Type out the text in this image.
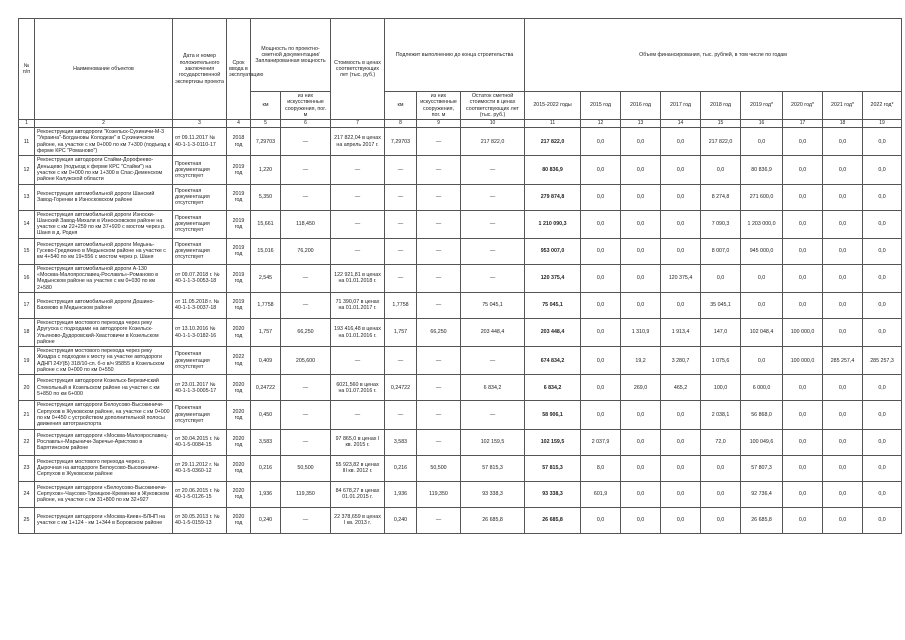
№ п/п	Наименование объектов	Дата и номер положительного заключения государственной экспертизы проекта	Срок ввода в эксплуатацию	Мощность по проектно-сметной документации/ Запланированная мощность		Стоимость в ценах соответствующих лет (тыс. руб.)	Подлежит выполнению до конца строительства			Объем финансирования, тыс. рублей, в том числе по годам								
				км	из них искусственные сооружения, пог. м		км	из них искусственные сооружения, пог. м	Остаток сметной стоимости в ценах соответствующих лет (тыс. руб.)	2015-2022 годы	2015 год	2016 год	2017 год	2018 год	2019 год*	2020 год*	2021 год*	2022 год*
1	2	3	4	5	6	7	8	9	10	11	12	13	14	15	16	17	18	19
11	Реконструкция автодороги "Козельск-Сухиничи-М-3 "Украина"-Богдановы Колодези" в Сухиничском районе, на участке с км 0+000 по км 7+300 (подъезд к ферме КРС "Романово")	от 09.11.2017 № 40-1-1-3-0110-17	2018 год	7,29703	—	217 822,04 в ценах на апрель 2017 г.	7,29703	—	217 822,0	217 822,0	0,0	0,0	0,0	217 822,0	0,0	0,0	0,0	0,0
12	Реконструкция автодороги Стайки-Дорофеево-Деньщево (подъезд к ферме КРС "Стайки") на участке с км 0+000 по км 1+300 в Спас-Деменском районе Калужской области	Проектная документация отсутствует	2019 год	1,220	—	—	—	—	—	80 836,9	0,0	0,0	0,0	0,0	80 836,9	0,0	0,0	0,0
13	Реконструкция автомобильной дороги Шанский Завод-Горенки в Износковском районе	Проектная документация отсутствует	2019 год	5,350	—	—	—	—	—	279 874,8	0,0	0,0	0,0	8 274,8	271 600,0	0,0	0,0	0,0
14	Реконструкция автомобильной дороги Износки-Шанский Завод-Михали в Износковском районе на участке с км 22+259 по км 37+920 с мостом через р. Шаня в д. Родня	Проектная документация отсутствует	2019 год	15,661	118,450	—	—	—	—	1 210 090,3	0,0	0,0	0,0	7 090,3	1 203 000,0	0,0	0,0	0,0
15	Реконструкция автомобильной дороги Медынь-Гусево-Гредякино в Медынском районе на участке с км 4+540 по км 19+556 с мостом через р. Шаня	Проектная документация отсутствует	2019 год	15,016	76,200	—	—	—	—	953 007,0	0,0	0,0	0,0	8 007,0	945 000,0	0,0	0,0	0,0
16	Реконструкция автомобильной дороги А-130 «Москва-Малоярославец-Рославль»-Романово в Медынском районе на участке с км 0+030 по км 2+580	от 09.07.2018 г. № 40-1-1-3-0053-18	2019 год	2,545	—	122 921,81 в ценах на 01.01.2018 г.	—	—	—	120 375,4	0,0	0,0	120 375,4	0,0	0,0	0,0	0,0	0,0
17	Реконструкция автомобильной дороги Дошино-Бахмово в Медынском районе	от 11.05.2018 г. № 40-1-1-3-0037-18	2019 год	1,7758	—	71 390,07 в ценах на 01.01.2017 г.	1,7758	—	75 045,1	75 045,1	0,0	0,0	0,0	35 045,1	0,0	0,0	0,0	0,0
18	Реконструкция мостового перехода через реку Другуска с подходами на автодороге Козельск-Ульяново-Дудоровский-Хвастовичи в Козельском районе	от 13.10.2016 № 40-1-1-3-0182-16	2020 год	1,757	66,250	193 416,48 в ценах на 01.01.2016 г.	1,757	66,250	203 448,4	203 448,4	0,0	1 310,9	1 913,4	147,0	102 048,4	100 000,0	0,0	0,0
19	Реконструкция мостового перехода через реку Жиздра с подходом к мосту на участке автодороги АДНП 24У(Б) 318/10-сп. б-о в/ч 95855 в Козельском районе с км 0+000 по км 0+550	Проектная документация отсутствует	2022 год	0,409	205,600	—	—	—	—	674 834,2	0,0	19,2	3 280,7	1 075,6	0,0	100 000,0	285 257,4	285 257,3
20	Реконструкция автодороги Козельск-Березичский Стекольный в Козельском районе на участке с км 5+850 по км 6+000	от 23.01.2017 № 40-1-1-3-0005-17	2020 год	0,24722	—	6021,560 в ценах на 01.07.2016 г.	0,24722	—	6 834,2	6 834,2	0,0	269,0	465,2	100,0	6 000,0	0,0	0,0	0,0
21	Реконструкция автодороги Белоусово-Высокиничи-Серпухов в Жуковском районе, на участке с км 0+000 по км 0+450 с устройством дополнительной полосы движения автотранспорта	Проектная документация отсутствует	2020 год	0,450	—	—	—	—	—	58 906,1	0,0	0,0	0,0	2 038,1	56 868,0	0,0	0,0	0,0
22	Реконструкция автодороги «Москва-Малоярославец-Рославль»-Марыничи-Заречье-Аристово в Барятинском районе	от 30.04.2015 г. № 40-1-5-0084-15	2020 год	3,583	—	97 865,0 в ценах I кв. 2015 г.	3,583	—	102 159,5	102 159,5	2 037,9	0,0	0,0	72,0	100 049,6	0,0	0,0	0,0
23	Реконструкция мостового перехода через р. Дырочная на автодороге Белоусово-Высокиничи-Серпухов в Жуковском районе	от 29.11.2012 г. № 40-1-5-0360-12	2020 год	0,216	50,500	55 923,82 в ценах III кв. 2012 г.	0,216	50,500	57 815,3	57 815,3	8,0	0,0	0,0	0,0	57 807,3	0,0	0,0	0,0
24	Реконструкция автодороги «Белоусово-Высокиничи-Серпухов»-Чаусово-Троицкое-Кременки в Жуковском районе, на участке с км 31+800 по км 32+927	от 20.06.2015 г. № 40-1-5-0126-15	2020 год	1,936	119,350	84 678,27 в ценах 01.01.2015 г.	1,936	119,350	93 338,3	93 338,3	601,9	0,0	0,0	0,0	92 736,4	0,0	0,0	0,0
25	Реконструкция автодороги «Москва-Киев»-БЛНП на участке с км 1+124 - км 1+344 в Боровском районе	от 30.05.2013 г. № 40-1-5-0159-13	2020 год	0,240	—	22 378,659 в ценах I кв. 2013 г.	0,240	—	26 685,8	26 685,8	0,0	0,0	0,0	0,0	26 685,8	0,0	0,0	0,0
